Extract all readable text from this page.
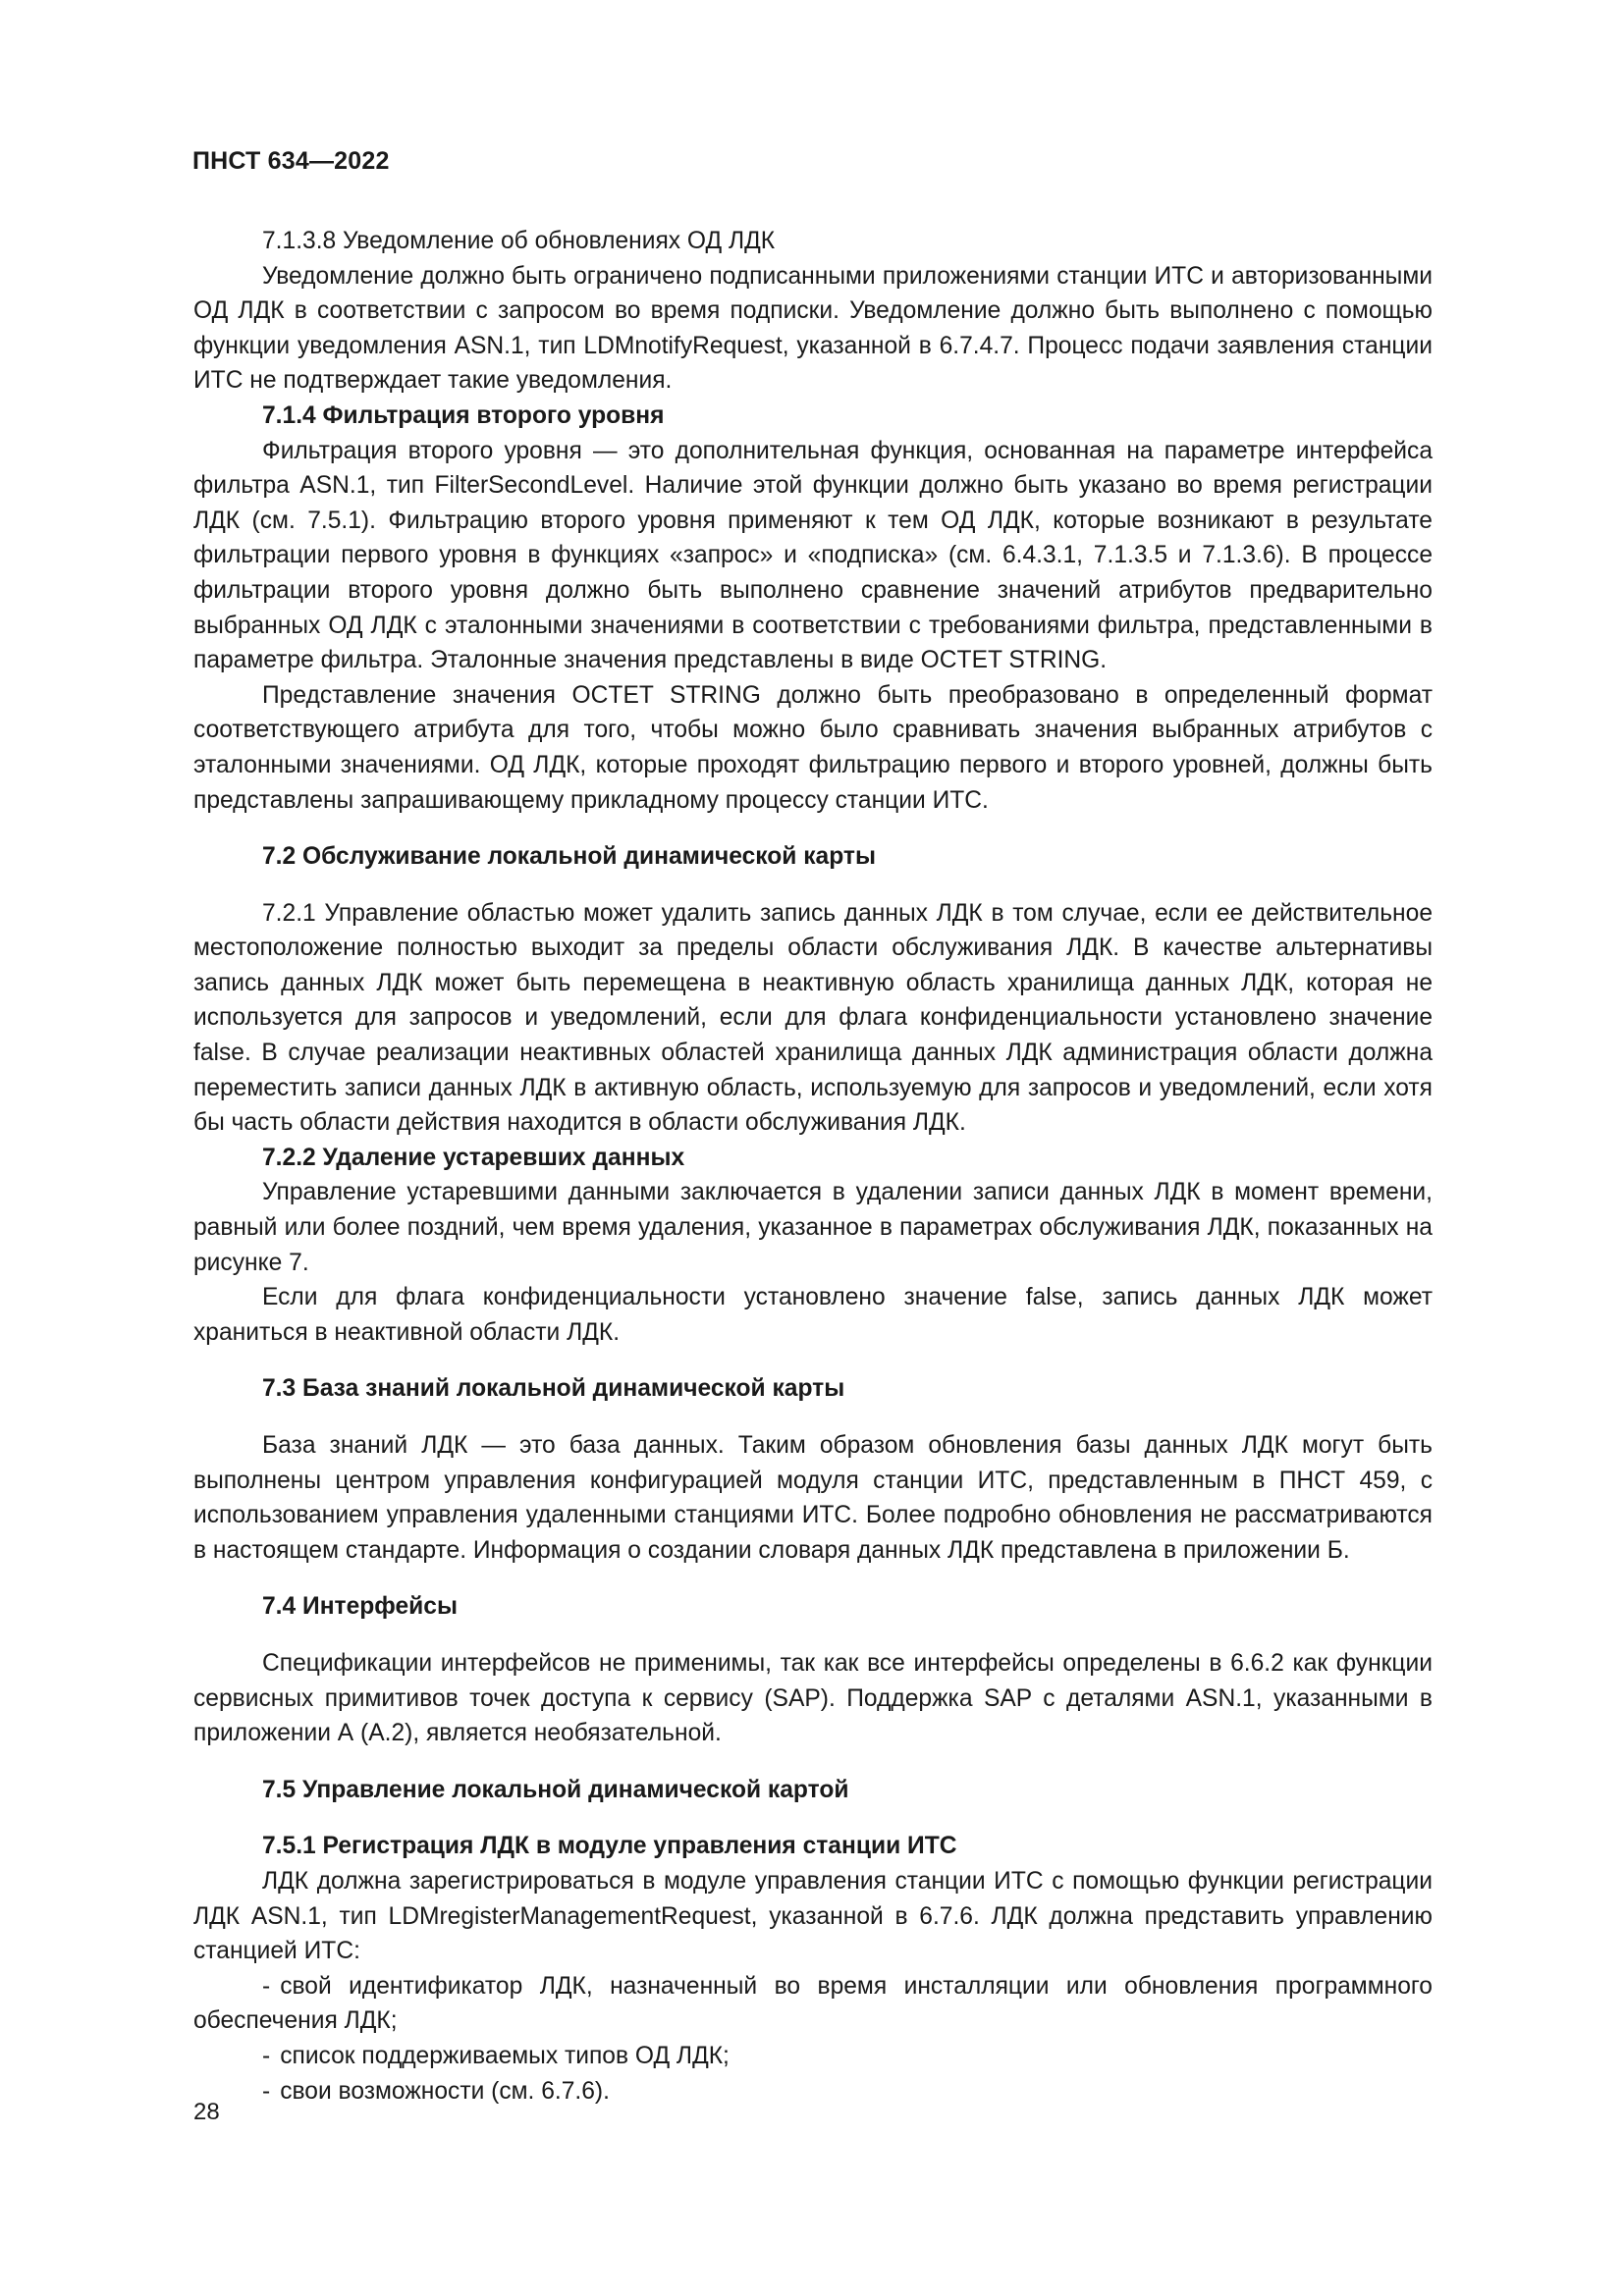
ПНСТ 634—2022

7.1.3.8 Уведомление об обновлениях ОД ЛДК

Уведомление должно быть ограничено подписанными приложениями станции ИТС и авторизованными ОД ЛДК в соответствии с запросом во время подписки. Уведомление должно быть выполнено с помощью функции уведомления ASN.1, тип LDMnotifyRequest, указанной в 6.7.4.7. Процесс подачи заявления станции ИТС не подтверждает такие уведомления.

7.1.4 Фильтрация второго уровня

Фильтрация второго уровня — это дополнительная функция, основанная на параметре интерфейса фильтра ASN.1, тип FilterSecondLevel. Наличие этой функции должно быть указано во время регистрации ЛДК (см. 7.5.1). Фильтрацию второго уровня применяют к тем ОД ЛДК, которые возникают в результате фильтрации первого уровня в функциях «запрос» и «подписка» (см. 6.4.3.1, 7.1.3.5 и 7.1.3.6). В процессе фильтрации второго уровня должно быть выполнено сравнение значений атрибутов предварительно выбранных ОД ЛДК с эталонными значениями в соответствии с требованиями фильтра, представленными в параметре фильтра. Эталонные значения представлены в виде OCTET STRING.

Представление значения OCTET STRING должно быть преобразовано в определенный формат соответствующего атрибута для того, чтобы можно было сравнивать значения выбранных атрибутов с эталонными значениями. ОД ЛДК, которые проходят фильтрацию первого и второго уровней, должны быть представлены запрашивающему прикладному процессу станции ИТС.

7.2 Обслуживание локальной динамической карты

7.2.1 Управление областью может удалить запись данных ЛДК в том случае, если ее действительное местоположение полностью выходит за пределы области обслуживания ЛДК. В качестве альтернативы запись данных ЛДК может быть перемещена в неактивную область хранилища данных ЛДК, которая не используется для запросов и уведомлений, если для флага конфиденциальности установлено значение false. В случае реализации неактивных областей хранилища данных ЛДК администрация области должна переместить записи данных ЛДК в активную область, используемую для запросов и уведомлений, если хотя бы часть области действия находится в области обслуживания ЛДК.

7.2.2 Удаление устаревших данных

Управление устаревшими данными заключается в удалении записи данных ЛДК в момент времени, равный или более поздний, чем время удаления, указанное в параметрах обслуживания ЛДК, показанных на рисунке 7.

Если для флага конфиденциальности установлено значение false, запись данных ЛДК может храниться в неактивной области ЛДК.

7.3 База знаний локальной динамической карты

База знаний ЛДК — это база данных. Таким образом обновления базы данных ЛДК могут быть выполнены центром управления конфигурацией модуля станции ИТС, представленным в ПНСТ 459, с использованием управления удаленными станциями ИТС. Более подробно обновления не рассматриваются в настоящем стандарте. Информация о создании словаря данных ЛДК представлена в приложении Б.

7.4 Интерфейсы

Спецификации интерфейсов не применимы, так как все интерфейсы определены в 6.6.2 как функции сервисных примитивов точек доступа к сервису (SAP). Поддержка SAP с деталями ASN.1, указанными в приложении А (А.2), является необязательной.

7.5 Управление локальной динамической картой
7.5.1 Регистрация ЛДК в модуле управления станции ИТС

ЛДК должна зарегистрироваться в модуле управления станции ИТС с помощью функции регистрации ЛДК ASN.1, тип LDMregisterManagementRequest, указанной в 6.7.6. ЛДК должна представить управлению станцией ИТС:

- свой идентификатор ЛДК, назначенный во время инсталляции или обновления программного обеспечения ЛДК;
- список поддерживаемых типов ОД ЛДК;
- свои возможности (см. 6.7.6).
28
